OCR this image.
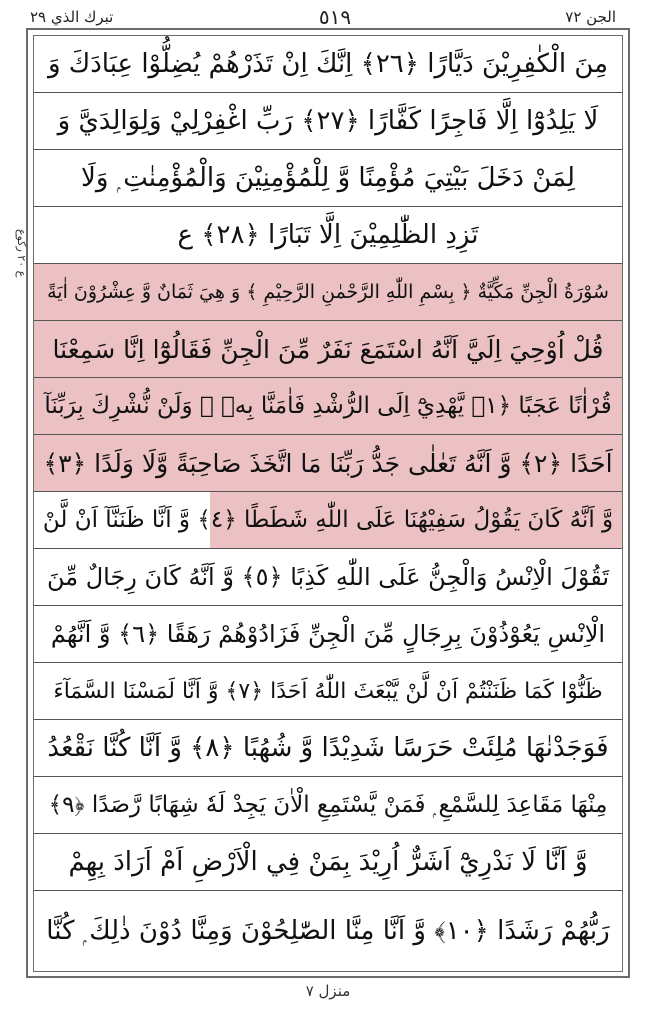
تبرك الذي ٢٩	٥١٩	الجن ٧٢
ع ٢٠ ركوع
مِنَ الْكٰفِرِيْنَ دَيَّارًا ﴿٢٦﴾ اِنَّكَ اِنْ تَذَرْهُمْ يُضِلُّوْا عِبَادَكَ وَ
لَا يَلِدُوْٓا اِلَّا فَاجِرًا كَفَّارًا ﴿٢٧﴾ رَبِّ اغْفِرْلِيْ وَلِوَالِدَيَّ وَ
لِمَنْ دَخَلَ بَيْتِيَ مُؤْمِنًا وَّ لِلْمُؤْمِنِيْنَ وَالْمُؤْمِنٰتِ ۭ وَلَا
تَزِدِ الظّٰلِمِيْنَ اِلَّا تَبَارًا ﴿٢٨﴾ ع
سُوْرَةُ الْجِنِّ مَكِّيَّةٌ ﴿ بِسْمِ اللّٰهِ الرَّحْمٰنِ الرَّحِيْمِ ﴾ وَ هِيَ ثَمَانٌ وَّ عِشْرُوْنَ اٰيَةً
قُلْ اُوْحِيَ اِلَيَّ اَنَّهُ اسْتَمَعَ نَفَرٌ مِّنَ الْجِنِّ فَقَالُوْٓا اِنَّا سَمِعْنَا
قُرْاٰنًا عَجَبًا ﴿١﴾ يَّهْدِيْٓ اِلَى الرُّشْدِ فَاٰمَنَّا بِهٖ ۭ وَلَنْ نُّشْرِكَ بِرَبِّنَآ
اَحَدًا ﴿٢﴾ وَّ اَنَّهُ تَعٰلٰى جَدُّ رَبِّنَا مَا اتَّخَذَ صَاحِبَةً وَّلَا وَلَدًا ﴿٣﴾
وَّ اَنَّهُ كَانَ يَقُوْلُ سَفِيْهُنَا عَلَى اللّٰهِ شَطَطًا ﴿٤﴾ وَّ اَنَّا ظَنَنَّآ اَنْ لَّنْ
تَقُوْلَ الْاِنْسُ وَالْجِنُّ عَلَى اللّٰهِ كَذِبًا ﴿٥﴾ وَّ اَنَّهُ كَانَ رِجَالٌ مِّنَ
الْاِنْسِ يَعُوْذُوْنَ بِرِجَالٍ مِّنَ الْجِنِّ فَزَادُوْهُمْ رَهَقًا ﴿٦﴾ وَّ اَنَّهُمْ
ظَنُّوْا كَمَا ظَنَنْتُمْ اَنْ لَّنْ يَّبْعَثَ اللّٰهُ اَحَدًا ﴿٧﴾ وَّ اَنَّا لَمَسْنَا السَّمَآءَ
فَوَجَدْنٰهَا مُلِئَتْ حَرَسًا شَدِيْدًا وَّ شُهُبًا ﴿٨﴾ وَّ اَنَّا كُنَّا نَقْعُدُ
مِنْهَا مَقَاعِدَ لِلسَّمْعِ ۭ فَمَنْ يَّسْتَمِعِ الْاٰنَ يَجِدْ لَهٗ شِهَابًا رَّصَدًا ﴿٩﴾
وَّ اَنَّا لَا نَدْرِيْٓ اَشَرٌّ اُرِيْدَ بِمَنْ فِي الْاَرْضِ اَمْ اَرَادَ بِهِمْ
رَبُّهُمْ رَشَدًا ﴿١٠﴾ وَّ اَنَّا مِنَّا الصّٰلِحُوْنَ وَمِنَّا دُوْنَ ذٰلِكَ ۭ كُنَّا
منزل ٧
